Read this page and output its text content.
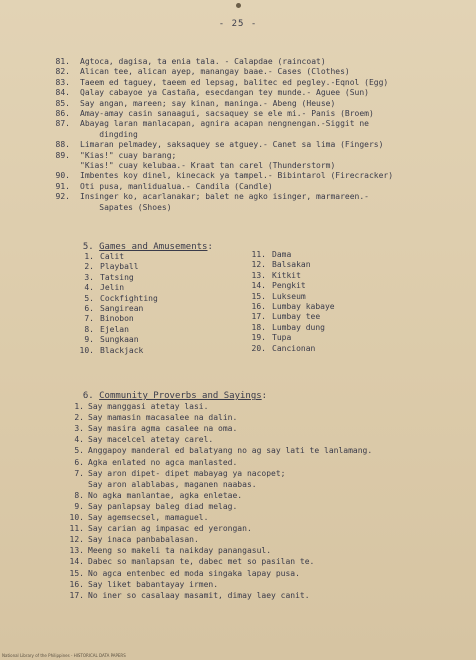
- 25 -
81. Agtoca, dagisa, ta enia tala. - Calapdae (raincoat)
82. Alican tee, alican ayep, manangay baae.- Cases (Clothes)
83. Taeem ed taguey, taeem ed lepsag, balitec ed pegley.-Eqnol (Egg)
84. Qalay cabayoe ya Castaña, esecdangan tey munde.- Aguee (Sun)
85. Say angan, mareen; say kinan, maninga.- Abeng (Heuse)
86. Amay-amay casin sanaagui, sacsaquey se ele mi.- Panis (Broem)
87. Abayag laran manlacapan, agnira acapan nengnengan.-Siggit ne
dingding
88. Limaran pelmadey, saksaquey se atguey.- Canet sa lima (Fingers)
89. "Kias!" cuay barang;
"Kias!" cuay kelubaa.- Kraat tan carel (Thunderstorm)
90. Imbentes koy dinel, kinecack ya tampel.- Bibintarol (Firecracker)
91. Oti pusa, manlidualua.- Candila (Candle)
92. Insinger ko, acarlanakar; balet ne agko isinger, marmareen.-
Sapates (Shoes)

5. Games and Amusements:

1. Calit
2. Playball
3. Tatsing
4. Jelin
5. Cockfighting
6. Sangirean
7. Binobon
8. Ejelan
9. Sungkaan
10. Blackjack
11. Dama
12. Balsakan
13. Kitkit
14. Pengkit
15. Lukseum
16. Lumbay kabaye
17. Lumbay tee
18. Lumbay dung
19. Tupa
20. Cancionan

6. Community Proverbs and Sayings:

1. Say manggasi atetay lasi.
2. Say mamasin macasalee na dalin.
3. Say masira agma casalee na oma.
4. Say macelcel atetay carel.
5. Anggapoy manderal ed balatyang no ag say lati te lanlamang.
6. Agka enlated no agca manlasted.
7. Say aron dipet- dipet mabayag ya nacopet;
Say aron alablabas, maganen naabas.
8. No agka manlantae, agka enletae.
9. Say panlapsay baleg diad melag.
10. Say agemsecsel, mamaguel.
11. Say carian ag impasac ed yerongan.
12. Say inaca panbabalasan.
13. Meeng so makeli ta naikday panangasul.
14. Dabec so manlapsan te, dabec met so pasilan te.
15. No agca entenbec ed moda singaka lapay pusa.
16. Say liket babantayay irmen.
17. No iner so casalaay masamit, dimay laey canit.
National Library of the Philippines - HISTORICAL DATA PAPERS
